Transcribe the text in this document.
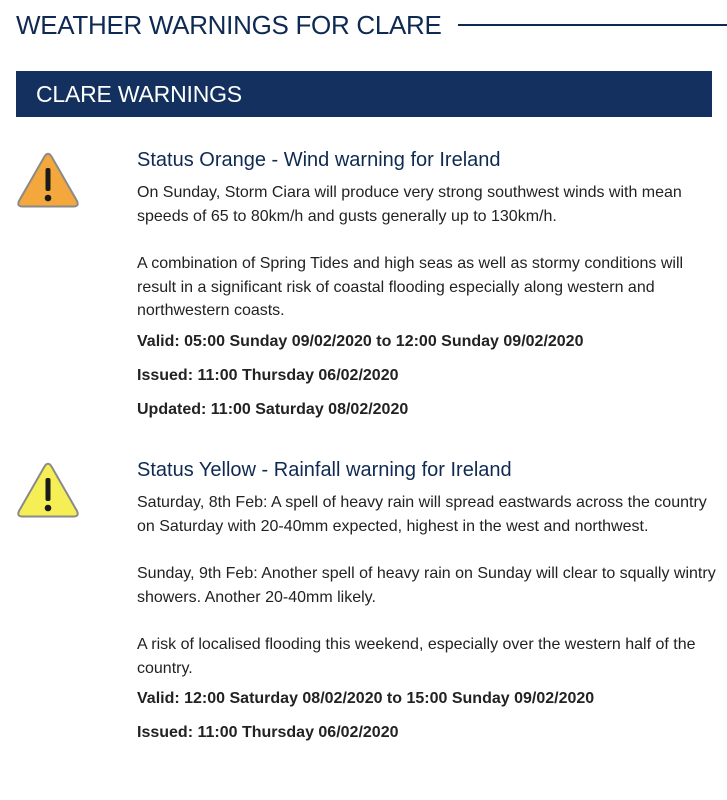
WEATHER WARNINGS FOR CLARE
CLARE WARNINGS
Status Orange - Wind warning for Ireland

On Sunday, Storm Ciara will produce very strong southwest winds with mean speeds of 65 to 80km/h and gusts generally up to 130km/h.

A combination of Spring Tides and high seas as well as stormy conditions will result in a significant risk of coastal flooding especially along western and northwestern coasts.

Valid: 05:00 Sunday 09/02/2020 to 12:00 Sunday 09/02/2020

Issued: 11:00 Thursday 06/02/2020

Updated: 11:00 Saturday 08/02/2020

Status Yellow - Rainfall warning for Ireland

Saturday, 8th Feb: A spell of heavy rain will spread eastwards across the country on Saturday with 20-40mm expected, highest in the west and northwest.

Sunday, 9th Feb: Another spell of heavy rain on Sunday will clear to squally wintry showers. Another 20-40mm likely.

A risk of localised flooding this weekend, especially over the western half of the country.

Valid: 12:00 Saturday 08/02/2020 to 15:00 Sunday 09/02/2020

Issued: 11:00 Thursday 06/02/2020
